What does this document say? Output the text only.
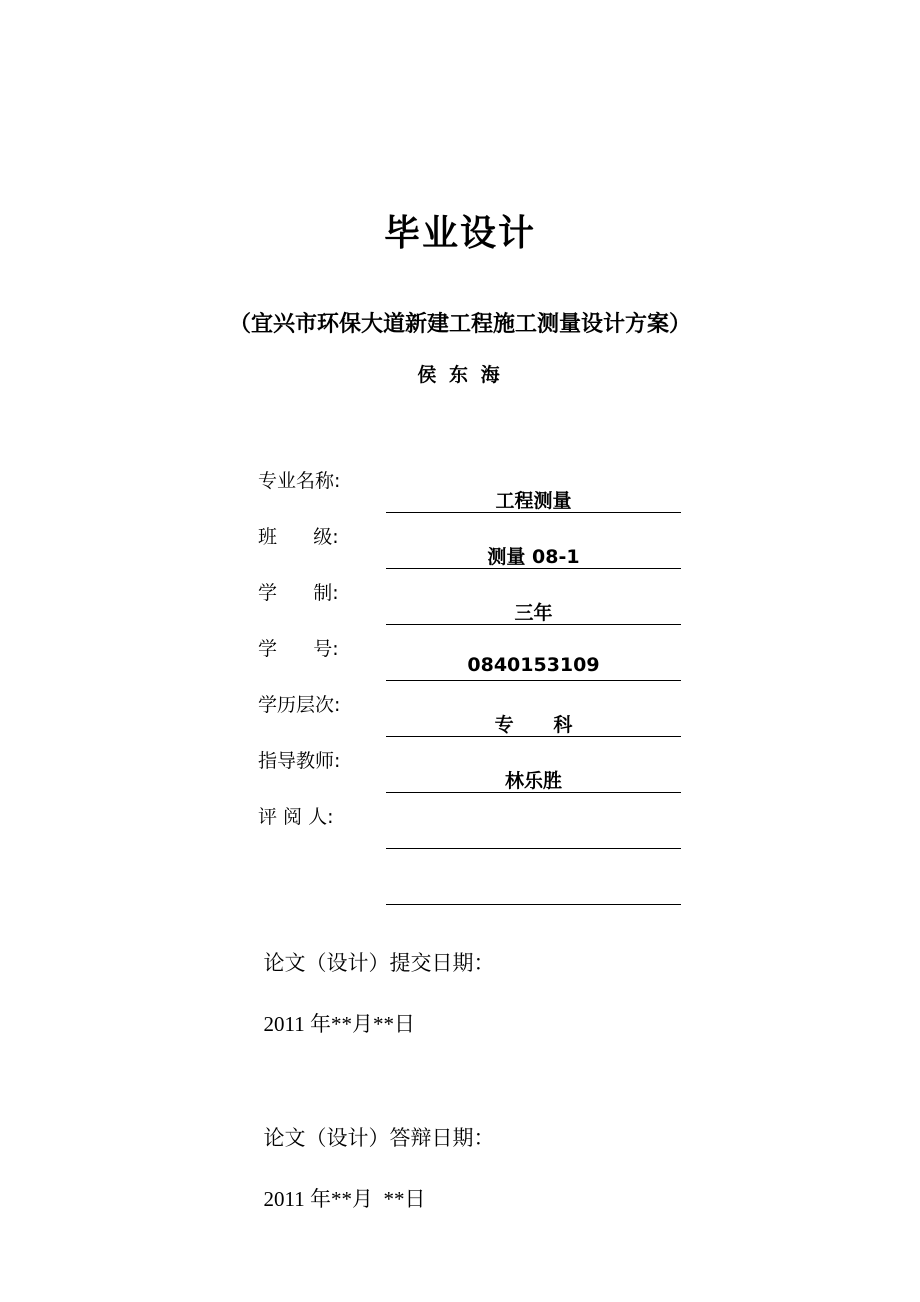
毕业设计
（宜兴市环保大道新建工程施工测量设计方案）
侯 东 海
专业名称:
工程测量
班      级:
测量 08-1
学      制:
三年
学      号:
0840153109
学历层次:
专      科
指导教师:
林乐胜
评 阅 人:

论文（设计）提交日期：

2011 年**月**日

论文（设计）答辩日期：

2011 年**月  **日
